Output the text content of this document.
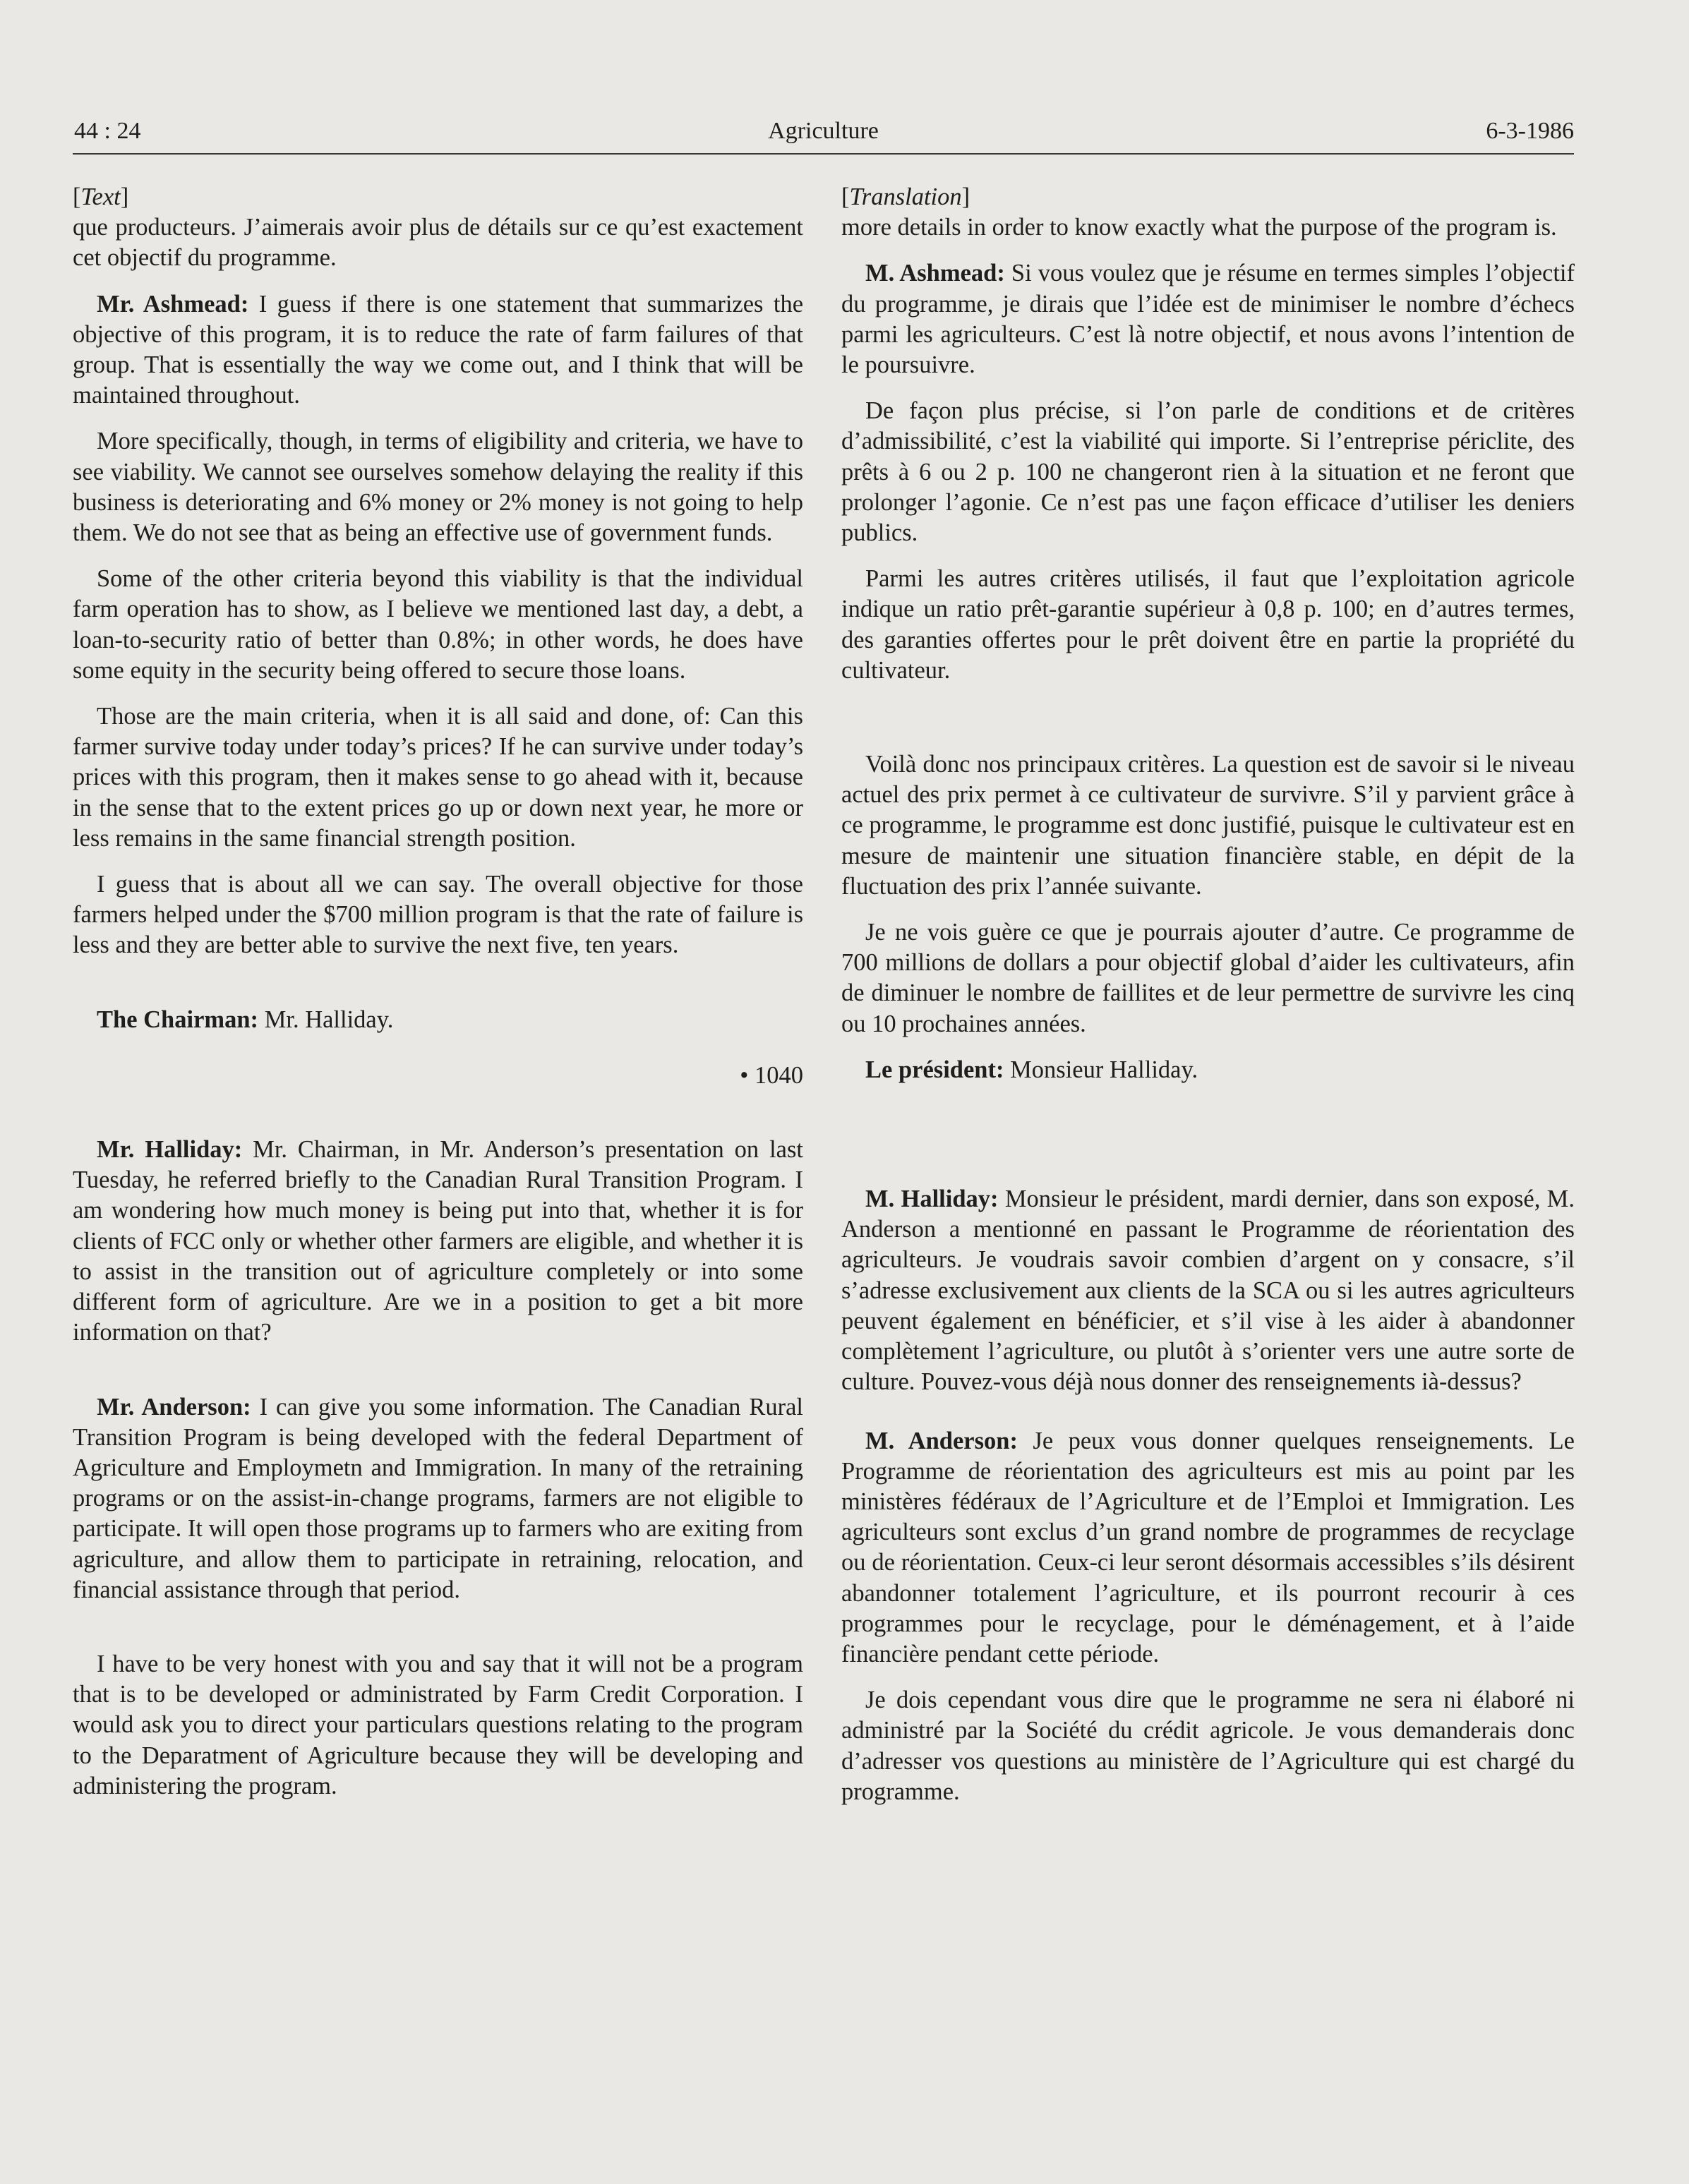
44 : 24	Agriculture	6-3-1986

[Text]

que producteurs. J’aimerais avoir plus de détails sur ce qu’est exactement cet objectif du programme.

Mr. Ashmead: I guess if there is one statement that summarizes the objective of this program, it is to reduce the rate of farm failures of that group. That is essentially the way we come out, and I think that will be maintained throughout.

More specifically, though, in terms of eligibility and criteria, we have to see viability. We cannot see ourselves somehow delaying the reality if this business is deteriorating and 6% money or 2% money is not going to help them. We do not see that as being an effective use of government funds.

Some of the other criteria beyond this viability is that the individual farm operation has to show, as I believe we mentioned last day, a debt, a loan-to-security ratio of better than 0.8%; in other words, he does have some equity in the security being offered to secure those loans.

Those are the main criteria, when it is all said and done, of: Can this farmer survive today under today’s prices? If he can survive under today’s prices with this program, then it makes sense to go ahead with it, because in the sense that to the extent prices go up or down next year, he more or less remains in the same financial strength position.

I guess that is about all we can say. The overall objective for those farmers helped under the $700 million program is that the rate of failure is less and they are better able to survive the next five, ten years.

The Chairman: Mr. Halliday.

• 1040

Mr. Halliday: Mr. Chairman, in Mr. Anderson’s presentation on last Tuesday, he referred briefly to the Canadian Rural Transition Program. I am wondering how much money is being put into that, whether it is for clients of FCC only or whether other farmers are eligible, and whether it is to assist in the transition out of agriculture completely or into some different form of agriculture. Are we in a position to get a bit more information on that?

Mr. Anderson: I can give you some information. The Canadian Rural Transition Program is being developed with the federal Department of Agriculture and Employmetn and Immigration. In many of the retraining programs or on the assist-in-change programs, farmers are not eligible to participate. It will open those programs up to farmers who are exiting from agriculture, and allow them to participate in retraining, relocation, and financial assistance through that period.

I have to be very honest with you and say that it will not be a program that is to be developed or administrated by Farm Credit Corporation. I would ask you to direct your particulars questions relating to the program to the Deparatment of Agriculture because they will be developing and administering the program.

[Translation]

more details in order to know exactly what the purpose of the program is.

M. Ashmead: Si vous voulez que je résume en termes simples l’objectif du programme, je dirais que l’idée est de minimiser le nombre d’échecs parmi les agriculteurs. C’est là notre objectif, et nous avons l’intention de le poursuivre.

De façon plus précise, si l’on parle de conditions et de critères d’admissibilité, c’est la viabilité qui importe. Si l’entreprise périclite, des prêts à 6 ou 2 p. 100 ne changeront rien à la situation et ne feront que prolonger l’agonie. Ce n’est pas une façon efficace d’utiliser les deniers publics.

Parmi les autres critères utilisés, il faut que l’exploitation agricole indique un ratio prêt-garantie supérieur à 0,8 p. 100; en d’autres termes, des garanties offertes pour le prêt doivent être en partie la propriété du cultivateur.

Voilà donc nos principaux critères. La question est de savoir si le niveau actuel des prix permet à ce cultivateur de survivre. S’il y parvient grâce à ce programme, le programme est donc justifié, puisque le cultivateur est en mesure de maintenir une situation financière stable, en dépit de la fluctuation des prix l’année suivante.

Je ne vois guère ce que je pourrais ajouter d’autre. Ce programme de 700 millions de dollars a pour objectif global d’aider les cultivateurs, afin de diminuer le nombre de faillites et de leur permettre de survivre les cinq ou 10 prochaines années.

Le président: Monsieur Halliday.

M. Halliday: Monsieur le président, mardi dernier, dans son exposé, M. Anderson a mentionné en passant le Programme de réorientation des agriculteurs. Je voudrais savoir combien d’argent on y consacre, s’il s’adresse exclusivement aux clients de la SCA ou si les autres agriculteurs peuvent également en bénéficier, et s’il vise à les aider à abandonner complètement l’agriculture, ou plutôt à s’orienter vers une autre sorte de culture. Pouvez-vous déjà nous donner des renseignements ià-dessus?

M. Anderson: Je peux vous donner quelques renseignements. Le Programme de réorientation des agriculteurs est mis au point par les ministères fédéraux de l’Agriculture et de l’Emploi et Immigration. Les agriculteurs sont exclus d’un grand nombre de programmes de recyclage ou de réorientation. Ceux-ci leur seront désormais accessibles s’ils désirent abandonner totalement l’agriculture, et ils pourront recourir à ces programmes pour le recyclage, pour le déménagement, et à l’aide financière pendant cette période.

Je dois cependant vous dire que le programme ne sera ni élaboré ni administré par la Société du crédit agricole. Je vous demanderais donc d’adresser vos questions au ministère de l’Agriculture qui est chargé du programme.
